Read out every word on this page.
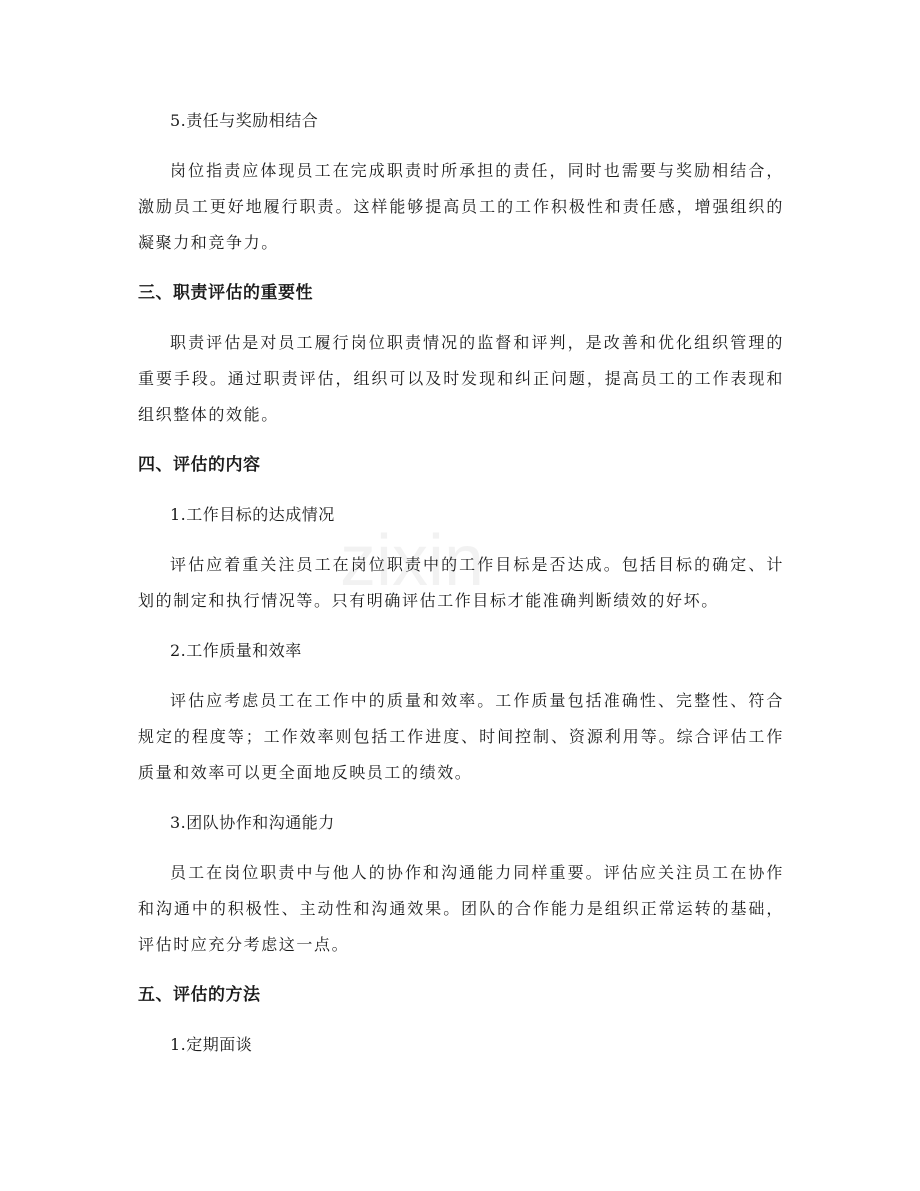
zixin
5.责任与奖励相结合
岗位指责应体现员工在完成职责时所承担的责任，同时也需要与奖励相结合，激励员工更好地履行职责。这样能够提高员工的工作积极性和责任感，增强组织的凝聚力和竞争力。
三、职责评估的重要性
职责评估是对员工履行岗位职责情况的监督和评判，是改善和优化组织管理的重要手段。通过职责评估，组织可以及时发现和纠正问题，提高员工的工作表现和组织整体的效能。
四、评估的内容
1.工作目标的达成情况
评估应着重关注员工在岗位职责中的工作目标是否达成。包括目标的确定、计划的制定和执行情况等。只有明确评估工作目标才能准确判断绩效的好坏。
2.工作质量和效率
评估应考虑员工在工作中的质量和效率。工作质量包括准确性、完整性、符合规定的程度等；工作效率则包括工作进度、时间控制、资源利用等。综合评估工作质量和效率可以更全面地反映员工的绩效。
3.团队协作和沟通能力
员工在岗位职责中与他人的协作和沟通能力同样重要。评估应关注员工在协作和沟通中的积极性、主动性和沟通效果。团队的合作能力是组织正常运转的基础，评估时应充分考虑这一点。
五、评估的方法
1.定期面谈
